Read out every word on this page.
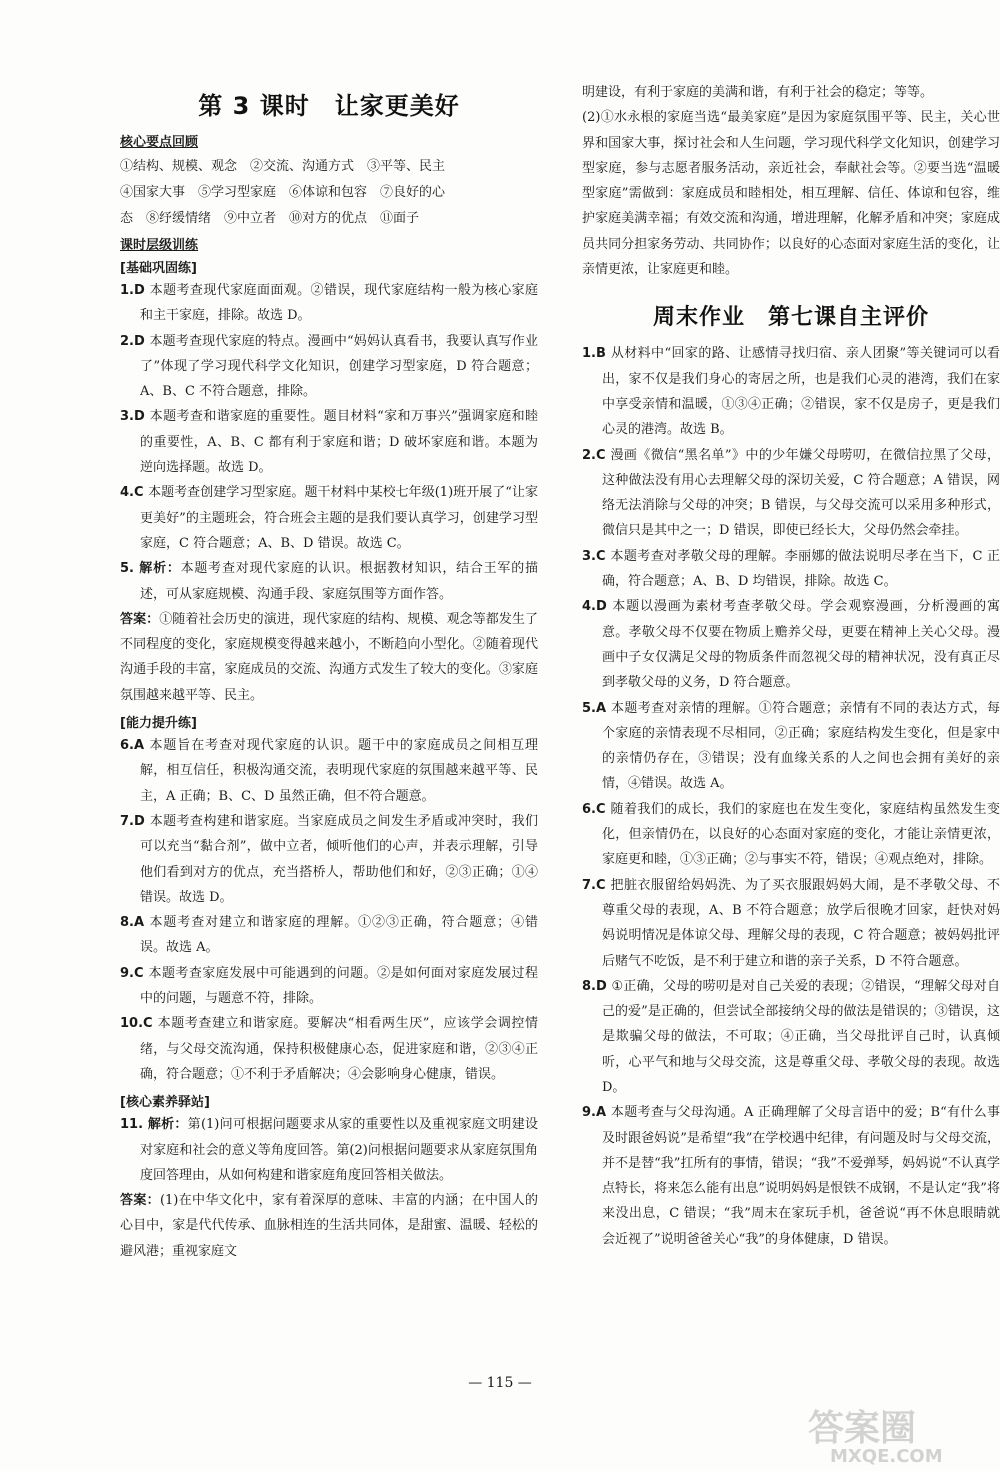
第 3 课时　让家更美好
核心要点回顾
①结构、规模、观念　②交流、沟通方式　③平等、民主
④国家大事　⑤学习型家庭　⑥体谅和包容　⑦良好的心
态　⑧纾缓情绪　⑨中立者　⑩对方的优点　⑪面子
课时层级训练
[基础巩固练]

1.D 本题考查现代家庭面面观。②错误，现代家庭结构一般为核心家庭和主干家庭，排除。故选 D。

2.D 本题考查现代家庭的特点。漫画中“妈妈认真看书，我要认真写作业了”体现了学习现代科学文化知识，创建学习型家庭，D 符合题意；A、B、C 不符合题意，排除。

3.D 本题考查和谐家庭的重要性。题目材料“家和万事兴”强调家庭和睦的重要性，A、B、C 都有利于家庭和谐；D 破坏家庭和谐。本题为逆向选择题。故选 D。

4.C 本题考查创建学习型家庭。题干材料中某校七年级(1)班开展了“让家更美好”的主题班会，符合班会主题的是我们要认真学习，创建学习型家庭，C 符合题意；A、B、D 错误。故选 C。

5. 解析：本题考查对现代家庭的认识。根据教材知识，结合王军的描述，可从家庭规模、沟通手段、家庭氛围等方面作答。

答案：①随着社会历史的演进，现代家庭的结构、规模、观念等都发生了不同程度的变化，家庭规模变得越来越小，不断趋向小型化。②随着现代沟通手段的丰富，家庭成员的交流、沟通方式发生了较大的变化。③家庭氛围越来越平等、民主。

[能力提升练]

6.A 本题旨在考查对现代家庭的认识。题干中的家庭成员之间相互理解，相互信任，积极沟通交流，表明现代家庭的氛围越来越平等、民主，A 正确；B、C、D 虽然正确，但不符合题意。

7.D 本题考查构建和谐家庭。当家庭成员之间发生矛盾或冲突时，我们可以充当“黏合剂”，做中立者，倾听他们的心声，并表示理解，引导他们看到对方的优点，充当搭桥人，帮助他们和好，②③正确；①④错误。故选 D。

8.A 本题考查对建立和谐家庭的理解。①②③正确，符合题意；④错误。故选 A。

9.C 本题考查家庭发展中可能遇到的问题。②是如何面对家庭发展过程中的问题，与题意不符，排除。

10.C 本题考查建立和谐家庭。要解决“相看两生厌”，应该学会调控情绪，与父母交流沟通，保持积极健康心态，促进家庭和谐，②③④正确，符合题意；①不利于矛盾解决；④会影响身心健康，错误。

[核心素养驿站]

11. 解析：第(1)问可根据问题要求从家的重要性以及重视家庭文明建设对家庭和社会的意义等角度回答。第(2)问根据问题要求从家庭氛围角度回答理由，从如何构建和谐家庭角度回答相关做法。

答案：(1)在中华文化中，家有着深厚的意味、丰富的内涵；在中国人的心目中，家是代代传承、血脉相连的生活共同体，是甜蜜、温暖、轻松的避风港；重视家庭文

明建设，有利于家庭的美满和谐，有利于社会的稳定；等等。

(2)①水永根的家庭当选“最美家庭”是因为家庭氛围平等、民主，关心世界和国家大事，探讨社会和人生问题，学习现代科学文化知识，创建学习型家庭，参与志愿者服务活动，亲近社会，奉献社会等。②要当选“温暖型家庭”需做到：家庭成员和睦相处，相互理解、信任、体谅和包容，维护家庭美满幸福；有效交流和沟通，增进理解，化解矛盾和冲突；家庭成员共同分担家务劳动、共同协作；以良好的心态面对家庭生活的变化，让亲情更浓，让家庭更和睦。

周末作业　第七课自主评价

1.B 从材料中“回家的路、让感情寻找归宿、亲人团聚”等关键词可以看出，家不仅是我们身心的寄居之所，也是我们心灵的港湾，我们在家中享受亲情和温暖，①③④正确；②错误，家不仅是房子，更是我们心灵的港湾。故选 B。

2.C 漫画《微信“黑名单”》中的少年嫌父母唠叨，在微信拉黑了父母，这种做法没有用心去理解父母的深切关爱，C 符合题意；A 错误，网络无法消除与父母的冲突；B 错误，与父母交流可以采用多种形式，微信只是其中之一；D 错误，即使已经长大，父母仍然会牵挂。

3.C 本题考查对孝敬父母的理解。李丽娜的做法说明尽孝在当下，C 正确，符合题意；A、B、D 均错误，排除。故选 C。

4.D 本题以漫画为素材考查孝敬父母。学会观察漫画，分析漫画的寓意。孝敬父母不仅要在物质上赡养父母，更要在精神上关心父母。漫画中子女仅满足父母的物质条件而忽视父母的精神状况，没有真正尽到孝敬父母的义务，D 符合题意。

5.A 本题考查对亲情的理解。①符合题意；亲情有不同的表达方式，每个家庭的亲情表现不尽相同，②正确；家庭结构发生变化，但是家中的亲情仍存在，③错误；没有血缘关系的人之间也会拥有美好的亲情，④错误。故选 A。

6.C 随着我们的成长，我们的家庭也在发生变化，家庭结构虽然发生变化，但亲情仍在，以良好的心态面对家庭的变化，才能让亲情更浓，家庭更和睦，①③正确；②与事实不符，错误；④观点绝对，排除。

7.C 把脏衣服留给妈妈洗、为了买衣服跟妈妈大闹，是不孝敬父母、不尊重父母的表现，A、B 不符合题意；放学后很晚才回家，赶快对妈妈说明情况是体谅父母、理解父母的表现，C 符合题意；被妈妈批评后赌气不吃饭，是不利于建立和谐的亲子关系，D 不符合题意。

8.D ①正确，父母的唠叨是对自己关爱的表现；②错误，“理解父母对自己的爱”是正确的，但尝试全部接纳父母的做法是错误的；③错误，这是欺骗父母的做法，不可取；④正确，当父母批评自己时，认真倾听，心平气和地与父母交流，这是尊重父母、孝敬父母的表现。故选 D。

9.A 本题考查与父母沟通。A 正确理解了父母言语中的爱；B“有什么事及时跟爸妈说”是希望“我”在学校遇中纪律，有问题及时与父母交流，并不是替“我”扛所有的事情，错误；“我”不爱弹琴，妈妈说“不认真学点特长，将来怎么能有出息”说明妈妈是恨铁不成钢，不是认定“我”将来没出息，C 错误；“我”周末在家玩手机，爸爸说“再不休息眼睛就会近视了”说明爸爸关心“我”的身体健康，D 错误。

— 115 —
答案圈
MXQE.COM
